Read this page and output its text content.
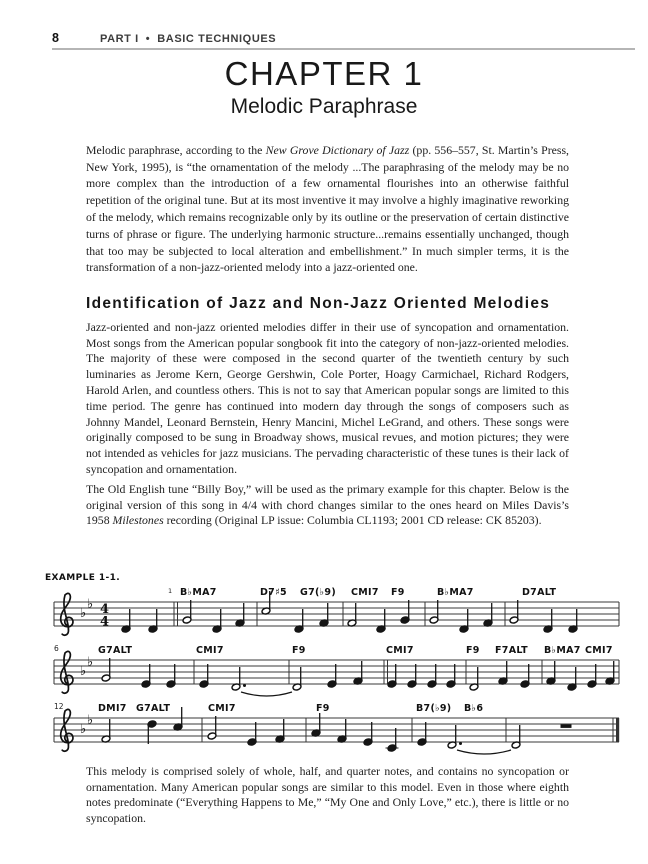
8	PART I • BASIC TECHNIQUES
CHAPTER 1
Melodic Paraphrase

Melodic paraphrase, according to the New Grove Dictionary of Jazz (pp. 556–557, St. Martin’s Press, New York, 1995), is “the ornamentation of the melody ...The paraphrasing of the melody may be no more complex than the introduction of a few ornamental flourishes into an otherwise faithful repetition of the original tune. But at its most inventive it may involve a highly imaginative reworking of the melody, which remains recognizable only by its outline or the preservation of certain distinctive turns of phrase or figure. The underlying harmonic structure...remains essentially unchanged, though that too may be subjected to local alteration and embellishment.” In much simpler terms, it is the transformation of a non-jazz-oriented melody into a jazz-oriented one.

Identification of Jazz and Non-Jazz Oriented Melodies

Jazz-oriented and non-jazz oriented melodies differ in their use of syncopation and ornamentation. Most songs from the American popular songbook fit into the category of non-jazz-oriented melodies. The majority of these were composed in the second quarter of the twentieth century by such luminaries as Jerome Kern, George Gershwin, Cole Porter, Hoagy Carmichael, Richard Rodgers, Harold Arlen, and countless others. This is not to say that American popular songs are limited to this time period. The genre has continued into modern day through the songs of composers such as Johnny Mandel, Leonard Bernstein, Henry Mancini, Michel LeGrand, and others. These songs were originally composed to be sung in Broadway shows, musical revues, and motion pictures; they were not intended as vehicles for jazz musicians. The pervading characteristic of these tunes is their lack of syncopation and ornamentation.

The Old English tune “Billy Boy,” will be used as the primary example for this chapter. Below is the original version of this song in 4/4 with chord changes similar to the ones heard on Miles Davis’s 1958 Milestones recording (Original LP issue: Columbia CL1193; 2001 CD release: CK 85203).

EXAMPLE 1-1.
1
♭
♭ 4
4
B♭MA7	D7♯5 G7(♭9) CMI7 F9	B♭MA7	D7ALT
6
♭
♭
G7ALT	CMI7	F9	CMI7	F9 F7ALT B♭MA7 CMI7
12
♭
♭
DMI7 G7ALT	CMI7	F9	B7(♭9) B♭6

This melody is comprised solely of whole, half, and quarter notes, and contains no syncopation or ornamentation. Many American popular songs are similar to this model. Even in those where eighth notes predominate (“Everything Happens to Me,” “My One and Only Love,” etc.), there is little or no syncopation.
